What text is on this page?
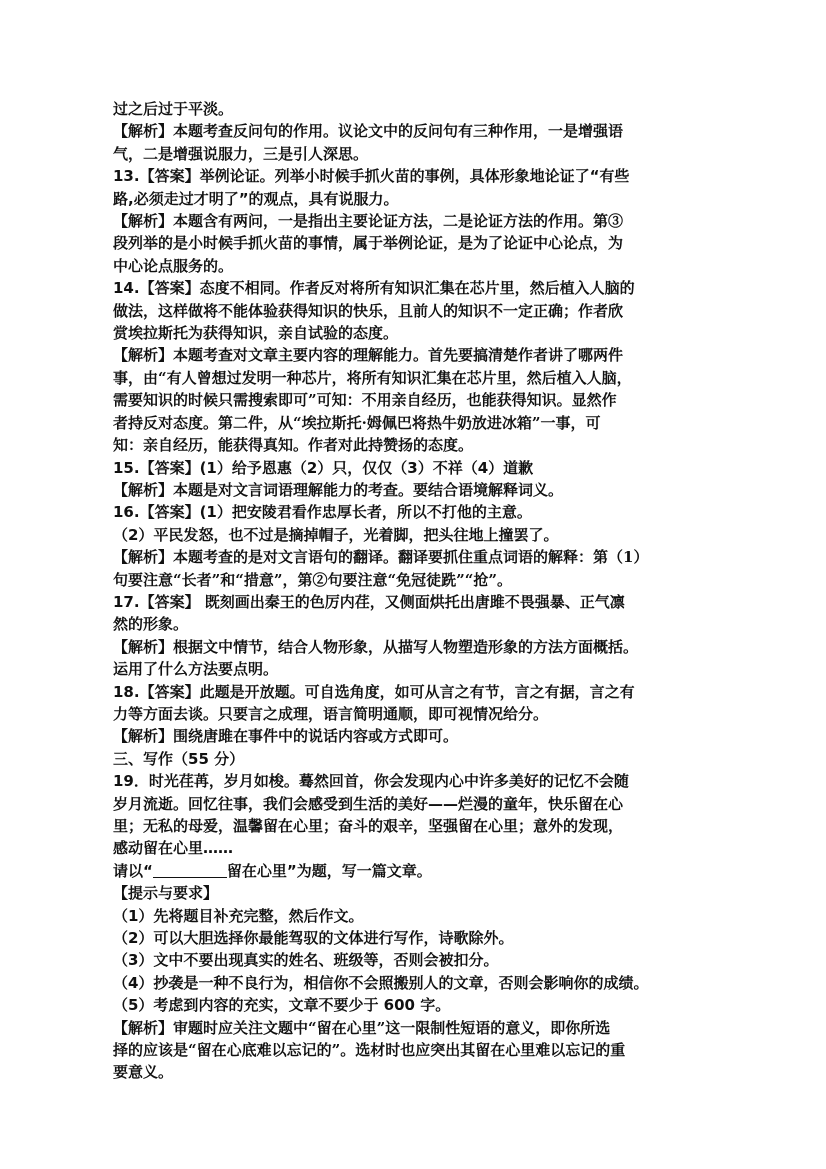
过之后过于平淡。

【解析】本题考查反问句的作用。议论文中的反问句有三种作用，一是增强语

气，二是增强说服力，三是引人深思。

13.【答案】举例论证。列举小时候手抓火苗的事例，具体形象地论证了“有些

路,必须走过才明了”的观点，具有说服力。

【解析】本题含有两问，一是指出主要论证方法，二是论证方法的作用。第③

段列举的是小时候手抓火苗的事情，属于举例论证，是为了论证中心论点，为

中心论点服务的。

14.【答案】态度不相同。作者反对将所有知识汇集在芯片里，然后植入人脑的

做法，这样做将不能体验获得知识的快乐，且前人的知识不一定正确；作者欣

赏埃拉斯托为获得知识，亲自试验的态度。

【解析】本题考查对文章主要内容的理解能力。首先要搞清楚作者讲了哪两件

事，由“有人曾想过发明一种芯片，将所有知识汇集在芯片里，然后植入人脑，

需要知识的时候只需搜索即可”可知：不用亲自经历，也能获得知识。显然作

者持反对态度。第二件，从“埃拉斯托·姆佩巴将热牛奶放进冰箱”一事，可

知：亲自经历，能获得真知。作者对此持赞扬的态度。

15.【答案】(1）给予恩惠（2）只，仅仅（3）不祥（4）道歉

【解析】本题是对文言词语理解能力的考查。要结合语境解释词义。

16.【答案】(1）把安陵君看作忠厚长者，所以不打他的主意。

（2）平民发怒，也不过是摘掉帽子，光着脚，把头往地上撞罢了。

【解析】本题考查的是对文言语句的翻译。翻译要抓住重点词语的解释：第（1）

句要注意“长者”和“措意”，第②句要注意“免冠徒跣”“抢”。

17.【答案】 既刻画出秦王的色厉内荏，又侧面烘托出唐雎不畏强暴、正气凛

然的形象。

【解析】根据文中情节，结合人物形象，从描写人物塑造形象的方法方面概括。

运用了什么方法要点明。

18.【答案】此题是开放题。可自选角度，如可从言之有节，言之有据，言之有

力等方面去谈。只要言之成理，语言简明通顺，即可视情况给分。

【解析】围绕唐雎在事件中的说话内容或方式即可。

三、写作（55 分）

19．时光荏苒，岁月如梭。蓦然回首，你会发现内心中许多美好的记忆不会随

岁月流逝。回忆往事，我们会感受到生活的美好——烂漫的童年，快乐留在心

里；无私的母爱，温馨留在心里；奋斗的艰辛，坚强留在心里；意外的发现，

感动留在心里……

请以“	留在心里”为题，写一篇文章。

【提示与要求】

（1）先将题目补充完整，然后作文。

（2）可以大胆选择你最能驾驭的文体进行写作，诗歌除外。

（3）文中不要出现真实的姓名、班级等，否则会被扣分。

（4）抄袭是一种不良行为，相信你不会照搬别人的文章，否则会影响你的成绩。

（5）考虑到内容的充实，文章不要少于 600 字。

【解析】审题时应关注文题中“留在心里”这一限制性短语的意义，即你所选

择的应该是“留在心底难以忘记的”。选材时也应突出其留在心里难以忘记的重

要意义。
